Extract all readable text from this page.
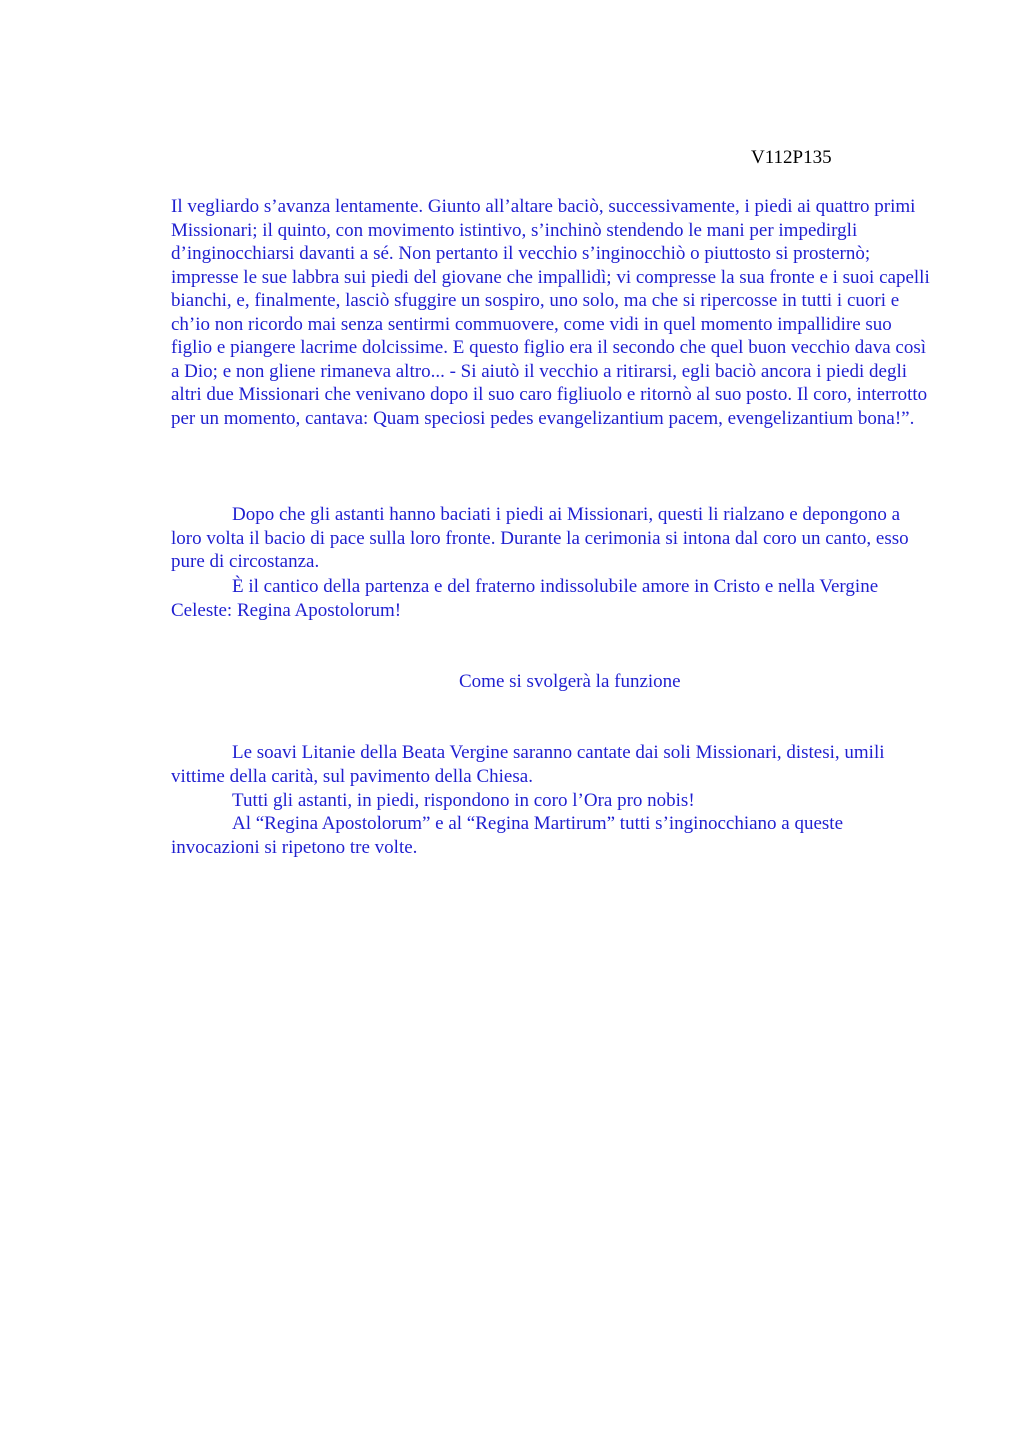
V112P135

Il vegliardo s’avanza lentamente. Giunto all’altare baciò, successivamente, i piedi ai quattro primi Missionari; il quinto, con movimento istintivo, s’inchinò stendendo le mani per impedirgli d’inginocchiarsi davanti a sé. Non pertanto il vecchio s’inginocchiò o piuttosto si prosternò; impresse le sue labbra sui piedi del giovane che impallidì; vi compresse la sua fronte e i suoi capelli bianchi, e, finalmente, lasciò sfuggire un sospiro, uno solo, ma che si ripercosse in tutti i cuori e ch’io non ricordo mai senza sentirmi commuovere, come vidi in quel momento impallidire suo figlio e piangere lacrime dolcissime. E questo figlio era il secondo che quel buon vecchio dava così a Dio; e non gliene rimaneva altro... - Si aiutò il vecchio a ritirarsi, egli baciò ancora i piedi degli altri due Missionari che venivano dopo il suo caro figliuolo e ritornò al suo posto. Il coro, interrotto per un momento, cantava: Quam speciosi pedes evangelizantium pacem, evengelizantium bona!”.

Dopo che gli astanti hanno baciati i piedi ai Missionari, questi li rialzano e depongono a loro volta il bacio di pace sulla loro fronte. Durante la cerimonia si intona dal coro un canto, esso pure di circostanza.

È il cantico della partenza e del fraterno indissolubile amore in Cristo e nella Vergine Celeste: Regina Apostolorum!

Come si svolgerà la funzione

Le soavi Litanie della Beata Vergine saranno cantate dai soli Missionari, distesi, umili vittime della carità, sul pavimento della Chiesa.

Tutti gli astanti, in piedi, rispondono in coro l’Ora pro nobis!

Al “Regina Apostolorum” e al “Regina Martirum” tutti s’inginocchiano a queste invocazioni si ripetono tre volte.
